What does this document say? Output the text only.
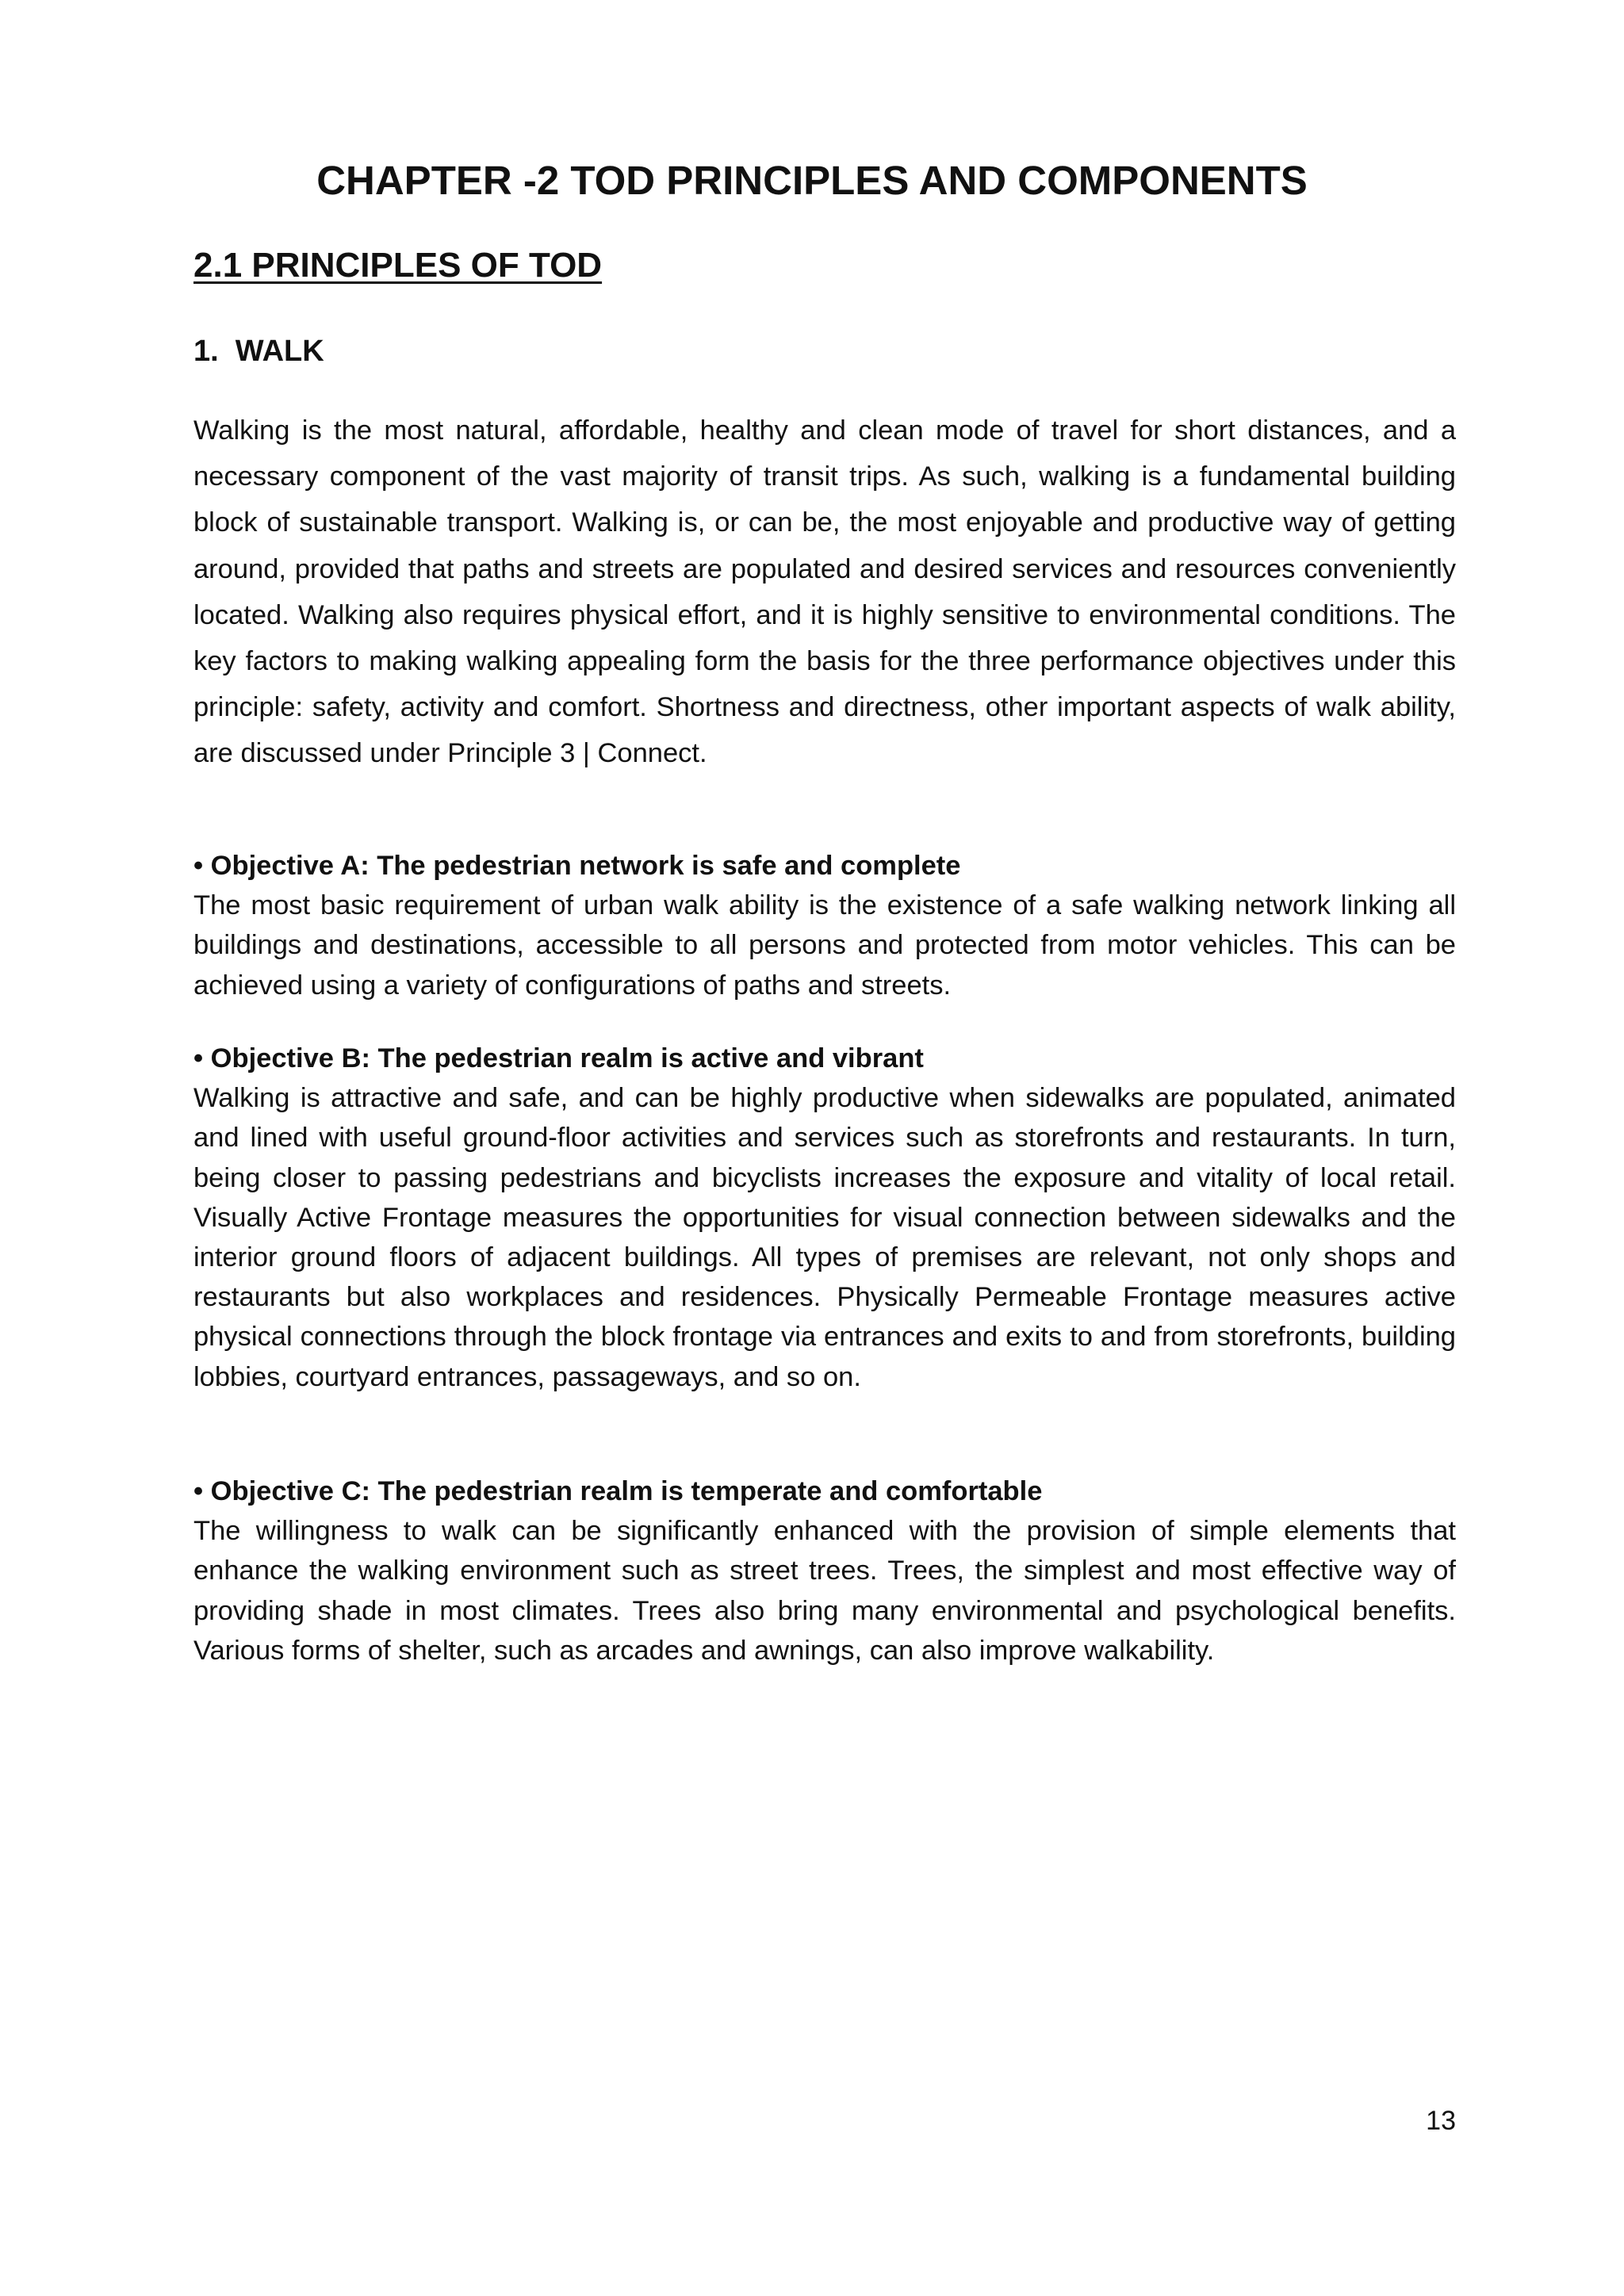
CHAPTER -2 TOD PRINCIPLES AND COMPONENTS
2.1 PRINCIPLES OF TOD
1.  WALK

Walking is the most natural, affordable, healthy and clean mode of travel for short distances, and a necessary component of the vast majority of transit trips. As such, walking is a fundamental building block of sustainable transport. Walking is, or can be, the most enjoyable and productive way of getting around, provided that paths and streets are populated and desired services and resources conveniently located. Walking also requires physical effort, and it is highly sensitive to environmental conditions. The key factors to making walking appealing form the basis for the three performance objectives under this principle: safety, activity and comfort. Shortness and directness, other important aspects of walk ability, are discussed under Principle 3 | Connect.

• Objective A: The pedestrian network is safe and complete
The most basic requirement of urban walk ability is the existence of a safe walking network linking all buildings and destinations, accessible to all persons and protected from motor vehicles. This can be achieved using a variety of configurations of paths and streets.
• Objective B: The pedestrian realm is active and vibrant
Walking is attractive and safe, and can be highly productive when sidewalks are populated, animated and lined with useful ground-floor activities and services such as storefronts and restaurants. In turn, being closer to passing pedestrians and bicyclists increases the exposure and vitality of local retail. Visually Active Frontage measures the opportunities for visual connection between sidewalks and the interior ground floors of adjacent buildings. All types of premises are relevant, not only shops and restaurants but also workplaces and residences. Physically Permeable Frontage measures active physical connections through the block frontage via entrances and exits to and from storefronts, building lobbies, courtyard entrances, passageways, and so on.
• Objective C: The pedestrian realm is temperate and comfortable
The willingness to walk can be significantly enhanced with the provision of simple elements that enhance the walking environment such as street trees. Trees, the simplest and most effective way of providing shade in most climates. Trees also bring many environmental and psychological benefits. Various forms of shelter, such as arcades and awnings, can also improve walkability.

13
